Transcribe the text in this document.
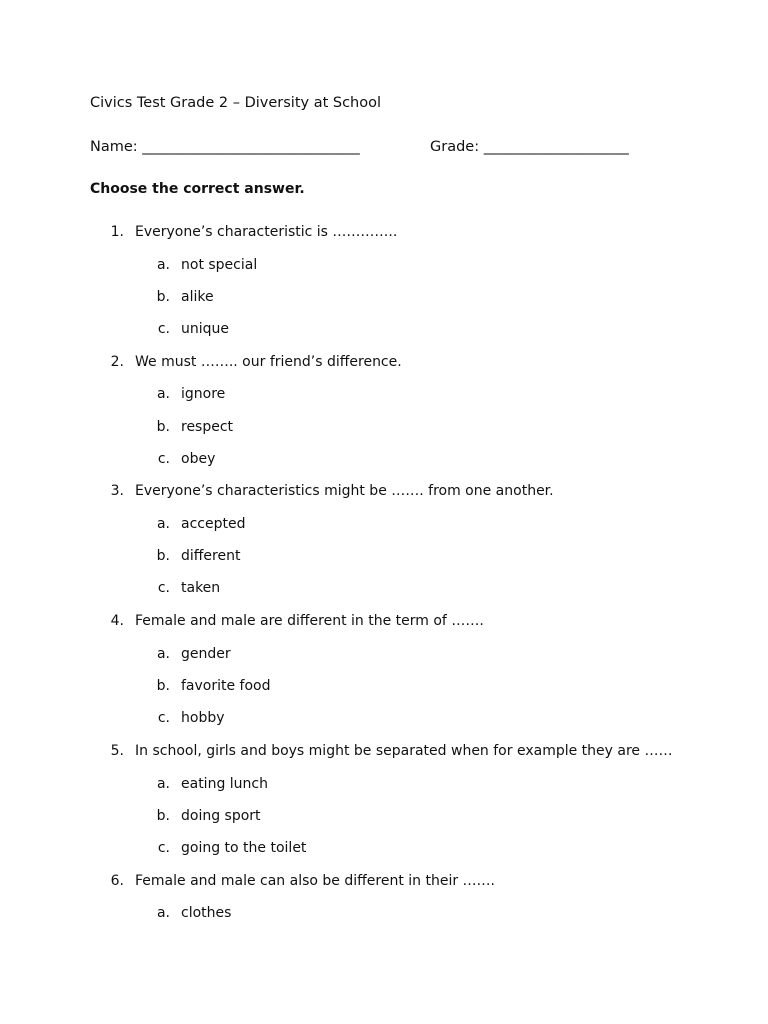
Civics Test Grade 2 – Diversity at School
Name: ______________________________	Grade: ____________________
Choose the correct answer.
1. Everyone’s characteristic is …………..
a. not special
b. alike
c. unique
2. We must …….. our friend’s difference.
a. ignore
b. respect
c. obey
3. Everyone’s characteristics might be ……. from one another.
a. accepted
b. different
c. taken
4. Female and male are different in the term of …….
a. gender
b. favorite food
c. hobby
5. In school, girls and boys might be separated when for example they are ……
a. eating lunch
b. doing sport
c. going to the toilet
6. Female and male can also be different in their …….
a. clothes
